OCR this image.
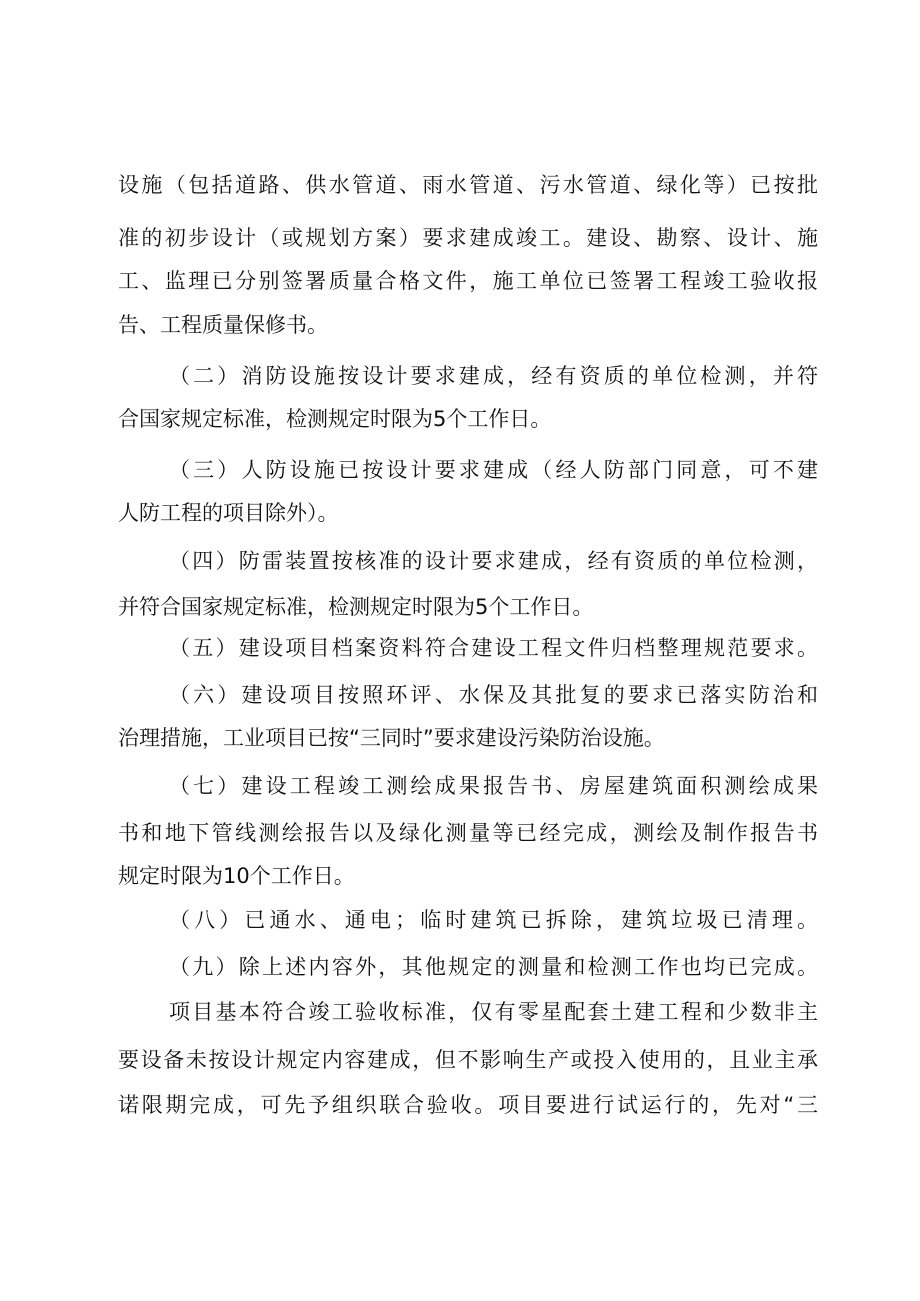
设施（包括道路、供水管道、雨水管道、污水管道、绿化等）已按批
准的初步设计（或规划方案）要求建成竣工。建设、勘察、设计、施
工、监理已分别签署质量合格文件，施工单位已签署工程竣工验收报
告、工程质量保修书。
（二）消防设施按设计要求建成，经有资质的单位检测，并符
合国家规定标准，检测规定时限为5个工作日。
（三）人防设施已按设计要求建成（经人防部门同意，可不建
人防工程的项目除外）。
（四）防雷装置按核准的设计要求建成，经有资质的单位检测，
并符合国家规定标准，检测规定时限为5个工作日。
（五）建设项目档案资料符合建设工程文件归档整理规范要求。
（六）建设项目按照环评、水保及其批复的要求已落实防治和
治理措施，工业项目已按“三同时”要求建设污染防治设施。
（七）建设工程竣工测绘成果报告书、房屋建筑面积测绘成果
书和地下管线测绘报告以及绿化测量等已经完成，测绘及制作报告书
规定时限为10个工作日。
（八）已通水、通电；临时建筑已拆除，建筑垃圾已清理。
（九）除上述内容外，其他规定的测量和检测工作也均已完成。
项目基本符合竣工验收标准，仅有零星配套土建工程和少数非主
要设备未按设计规定内容建成，但不影响生产或投入使用的，且业主承
诺限期完成，可先予组织联合验收。项目要进行试运行的，先对“三
